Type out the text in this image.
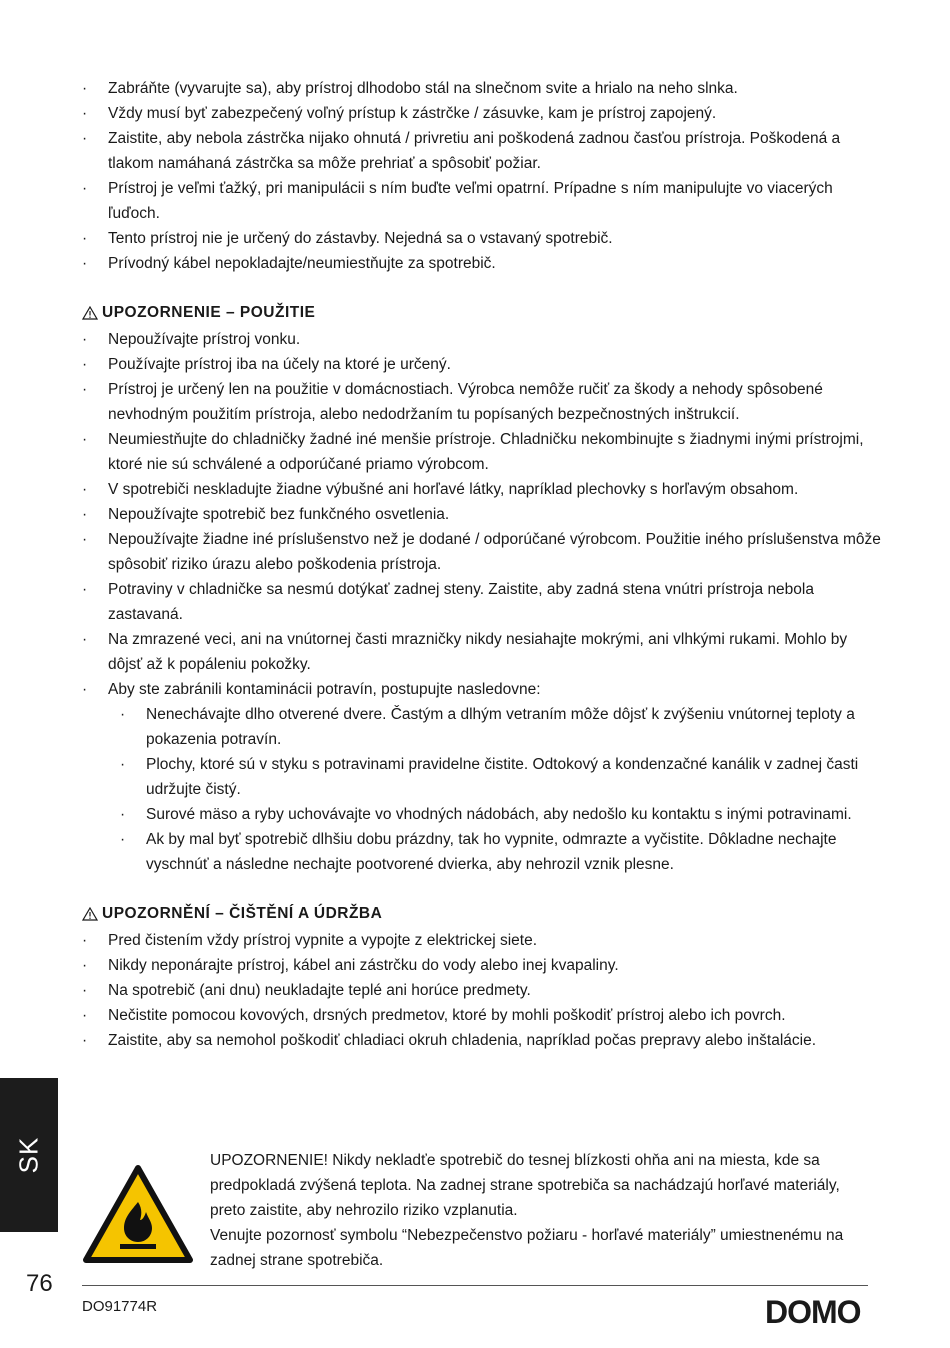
· Zabráňte (vyvarujte sa), aby prístroj dlhodobo stál na slnečnom svite a hrialo na neho slnka.
· Vždy musí byť zabezpečený voľný prístup k zástrčke / zásuvke, kam je prístroj zapojený.
· Zaistite, aby nebola zástrčka nijako ohnutá / privretiu ani poškodená zadnou časťou prístroja. Poškodená a tlakom namáhaná zástrčka sa môže prehriať a spôsobiť požiar.
· Prístroj je veľmi ťažký, pri manipulácii s ním buďte veľmi opatrní. Prípadne s ním manipulujte vo viacerých ľuďoch.
· Tento prístroj nie je určený do zástavby. Nejedná sa o vstavaný spotrebič.
· Prívodný kábel nepokladajte/neumiestňujte za spotrebič.
UPOZORNENIE – POUŽITIE
· Nepoužívajte prístroj vonku.
· Používajte prístroj iba na účely na ktoré je určený.
· Prístroj je určený len na použitie v domácnostiach. Výrobca nemôže ručiť za škody a nehody spôsobené nevhodným použitím prístroja, alebo nedodržaním tu popísaných bezpečnostných inštrukcií.
· Neumiestňujte do chladničky žadné iné menšie prístroje. Chladničku nekombinujte s žiadnymi inými prístrojmi, ktoré nie sú schválené a odporúčané priamo výrobcom.
· V spotrebiči neskladujte žiadne výbušné ani horľavé látky, napríklad plechovky s horľavým obsahom.
· Nepoužívajte spotrebič bez funkčného osvetlenia.
· Nepoužívajte žiadne iné príslušenstvo než je dodané / odporúčané výrobcom. Použitie iného príslušenstva môže spôsobiť riziko úrazu alebo poškodenia prístroja.
· Potraviny v chladničke sa nesmú dotýkať zadnej steny. Zaistite, aby zadná stena vnútri prístroja nebola zastavaná.
· Na zmrazené veci, ani na vnútornej časti mrazničky nikdy nesiahajte mokrými, ani vlhkými rukami. Mohlo by dôjsť až k popáleniu pokožky.
· Aby ste zabránili kontaminácii potravín, postupujte nasledovne:
· Nenechávajte dlho otverené dvere. Častým a dlhým vetraním môže dôjsť k zvýšeniu vnútornej teploty a pokazenia potravín.
· Plochy, ktoré sú v styku s potravinami pravidelne čistite. Odtokový a kondenzačné kanálik v zadnej časti udržujte čistý.
· Surové mäso a ryby uchovávajte vo vhodných nádobách, aby nedošlo ku kontaktu s inými potravinami.
· Ak by mal byť spotrebič dlhšiu dobu prázdny, tak ho vypnite, odmrazte a vyčistite. Dôkladne nechajte vyschnúť a následne nechajte pootvorené dvierka, aby nehrozil vznik plesne.
UPOZORNĚNÍ – ČIŠTĚNÍ A ÚDRŽBA
· Pred čistením vždy prístroj vypnite a vypojte z elektrickej siete.
· Nikdy neponárajte prístroj, kábel ani zástrčku do vody alebo inej kvapaliny.
· Na spotrebič (ani dnu) neukladajte teplé ani horúce predmety.
· Nečistite pomocou kovových, drsných predmetov, ktoré by mohli poškodiť prístroj alebo ich povrch.
· Zaistite, aby sa nemohol poškodiť chladiaci okruh chladenia, napríklad počas prepravy alebo inštalácie.
UPOZORNENIE! Nikdy nekladťe spotrebič do tesnej blízkosti ohňa ani na miesta, kde sa predpokladá zvýšená teplota. Na zadnej strane spotrebiča sa nachádzajú horľavé materiály, preto zaistite, aby nehrozilo riziko vzplanutia.
Venujte pozornosť symbolu “Nebezpečenstvo požiaru - horľavé materiály” umiestnenému na zadnej strane spotrebiča.
SK
76
DO91774R	DOMO
